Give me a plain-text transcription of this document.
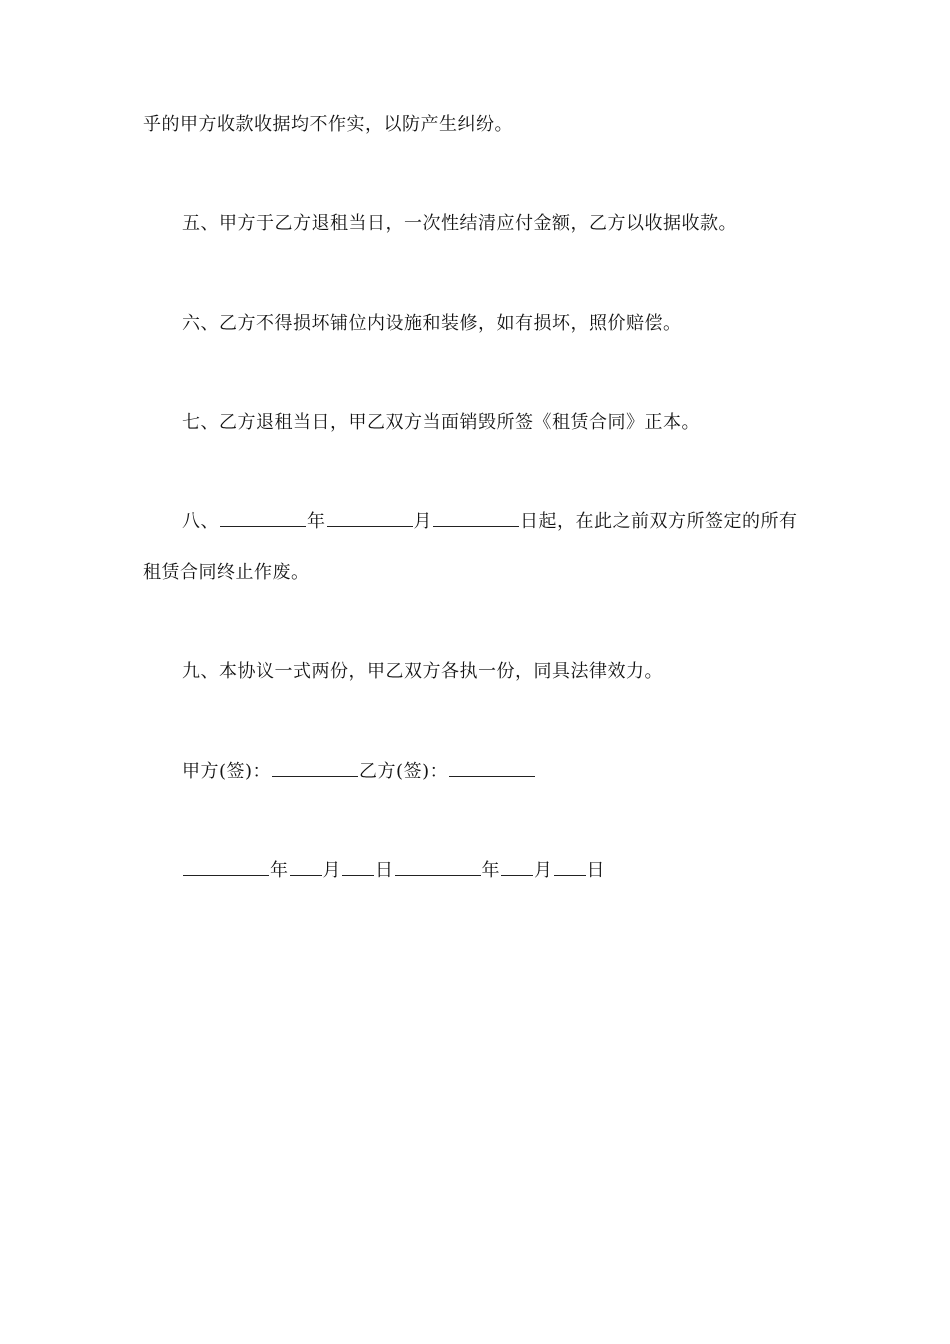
乎的甲方收款收据均不作实，以防产生纠纷。
五、甲方于乙方退租当日，一次性结清应付金额，乙方以收据收款。
六、乙方不得损坏铺位内设施和装修，如有损坏，照价赔偿。
七、乙方退租当日，甲乙双方当面销毁所签《租赁合同》正本。
八、	年	月	日起，在此之前双方所签定的所有
租赁合同终止作废。
九、本协议一式两份，甲乙双方各执一份，同具法律效力。
甲方(签)：	乙方(签)：
年 月 日	年 月 日
